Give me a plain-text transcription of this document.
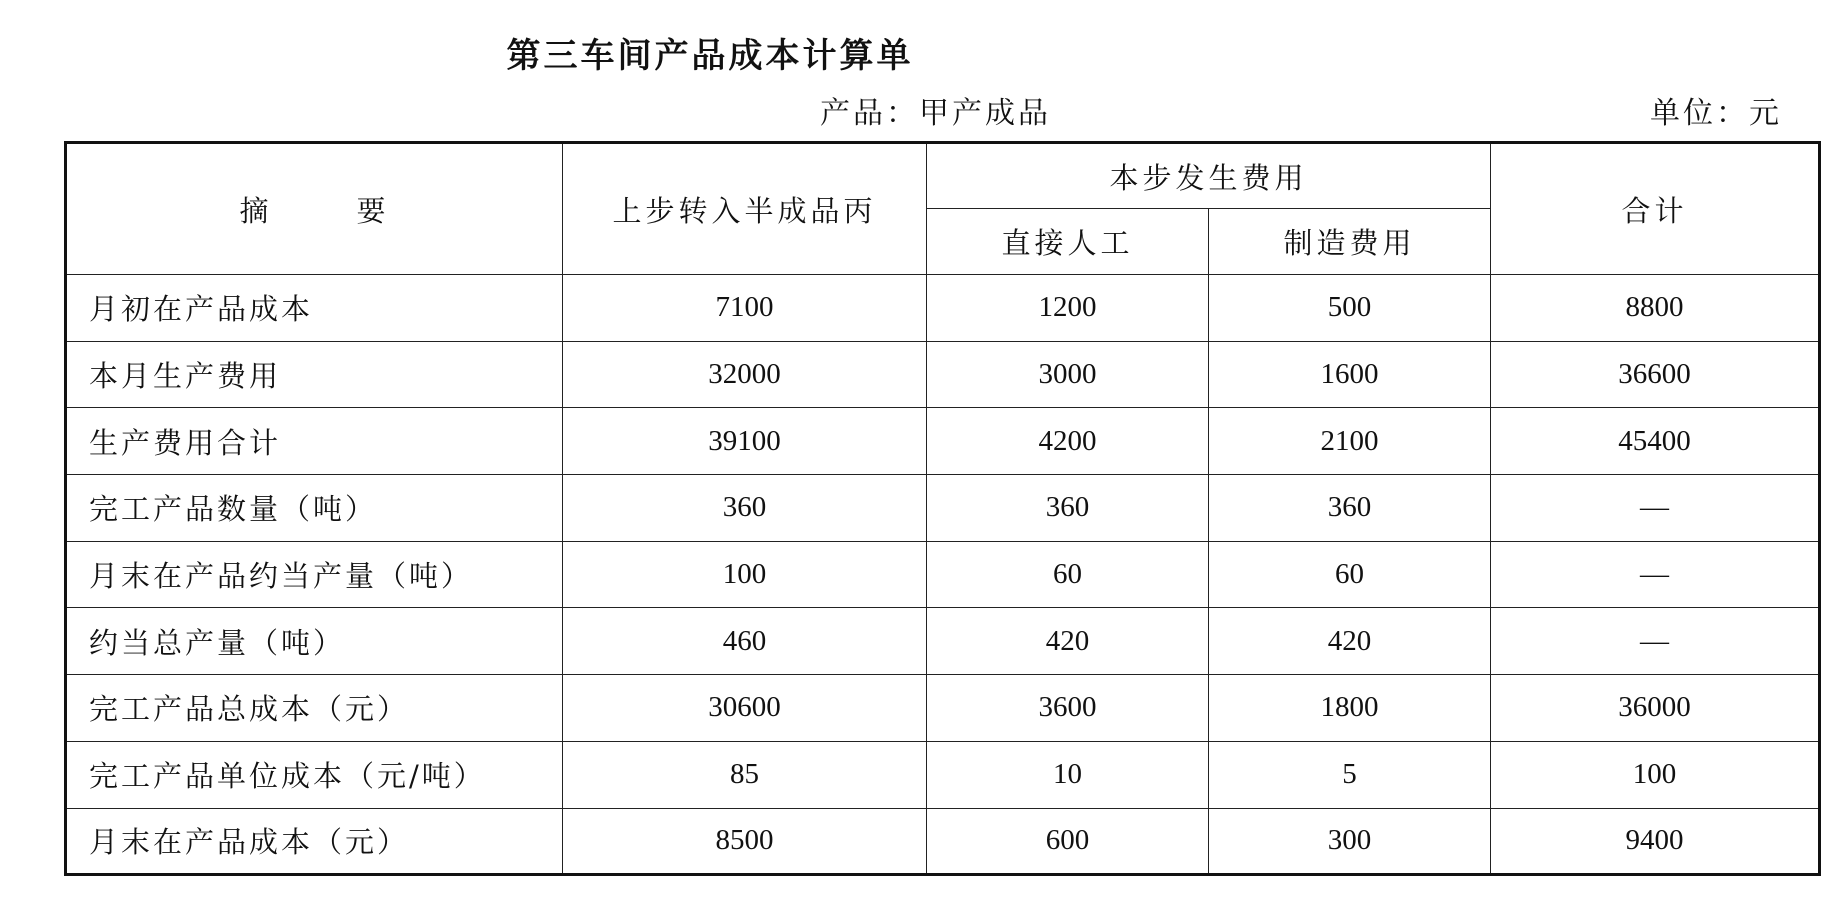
第三车间产品成本计算单
产品：甲产成品	单位：元
摘 要	上步转入半成品丙	本步发生费用		合计
		直接人工	制造费用	
月初在产品成本	7100	1200	500	8800
本月生产费用	32000	3000	1600	36600
生产费用合计	39100	4200	2100	45400
完工产品数量（吨）	360	360	360	—
月末在产品约当产量（吨）	100	60	60	—
约当总产量（吨）	460	420	420	—
完工产品总成本（元）	30600	3600	1800	36000
完工产品单位成本（元/吨）	85	10	5	100
月末在产品成本（元）	8500	600	300	9400
